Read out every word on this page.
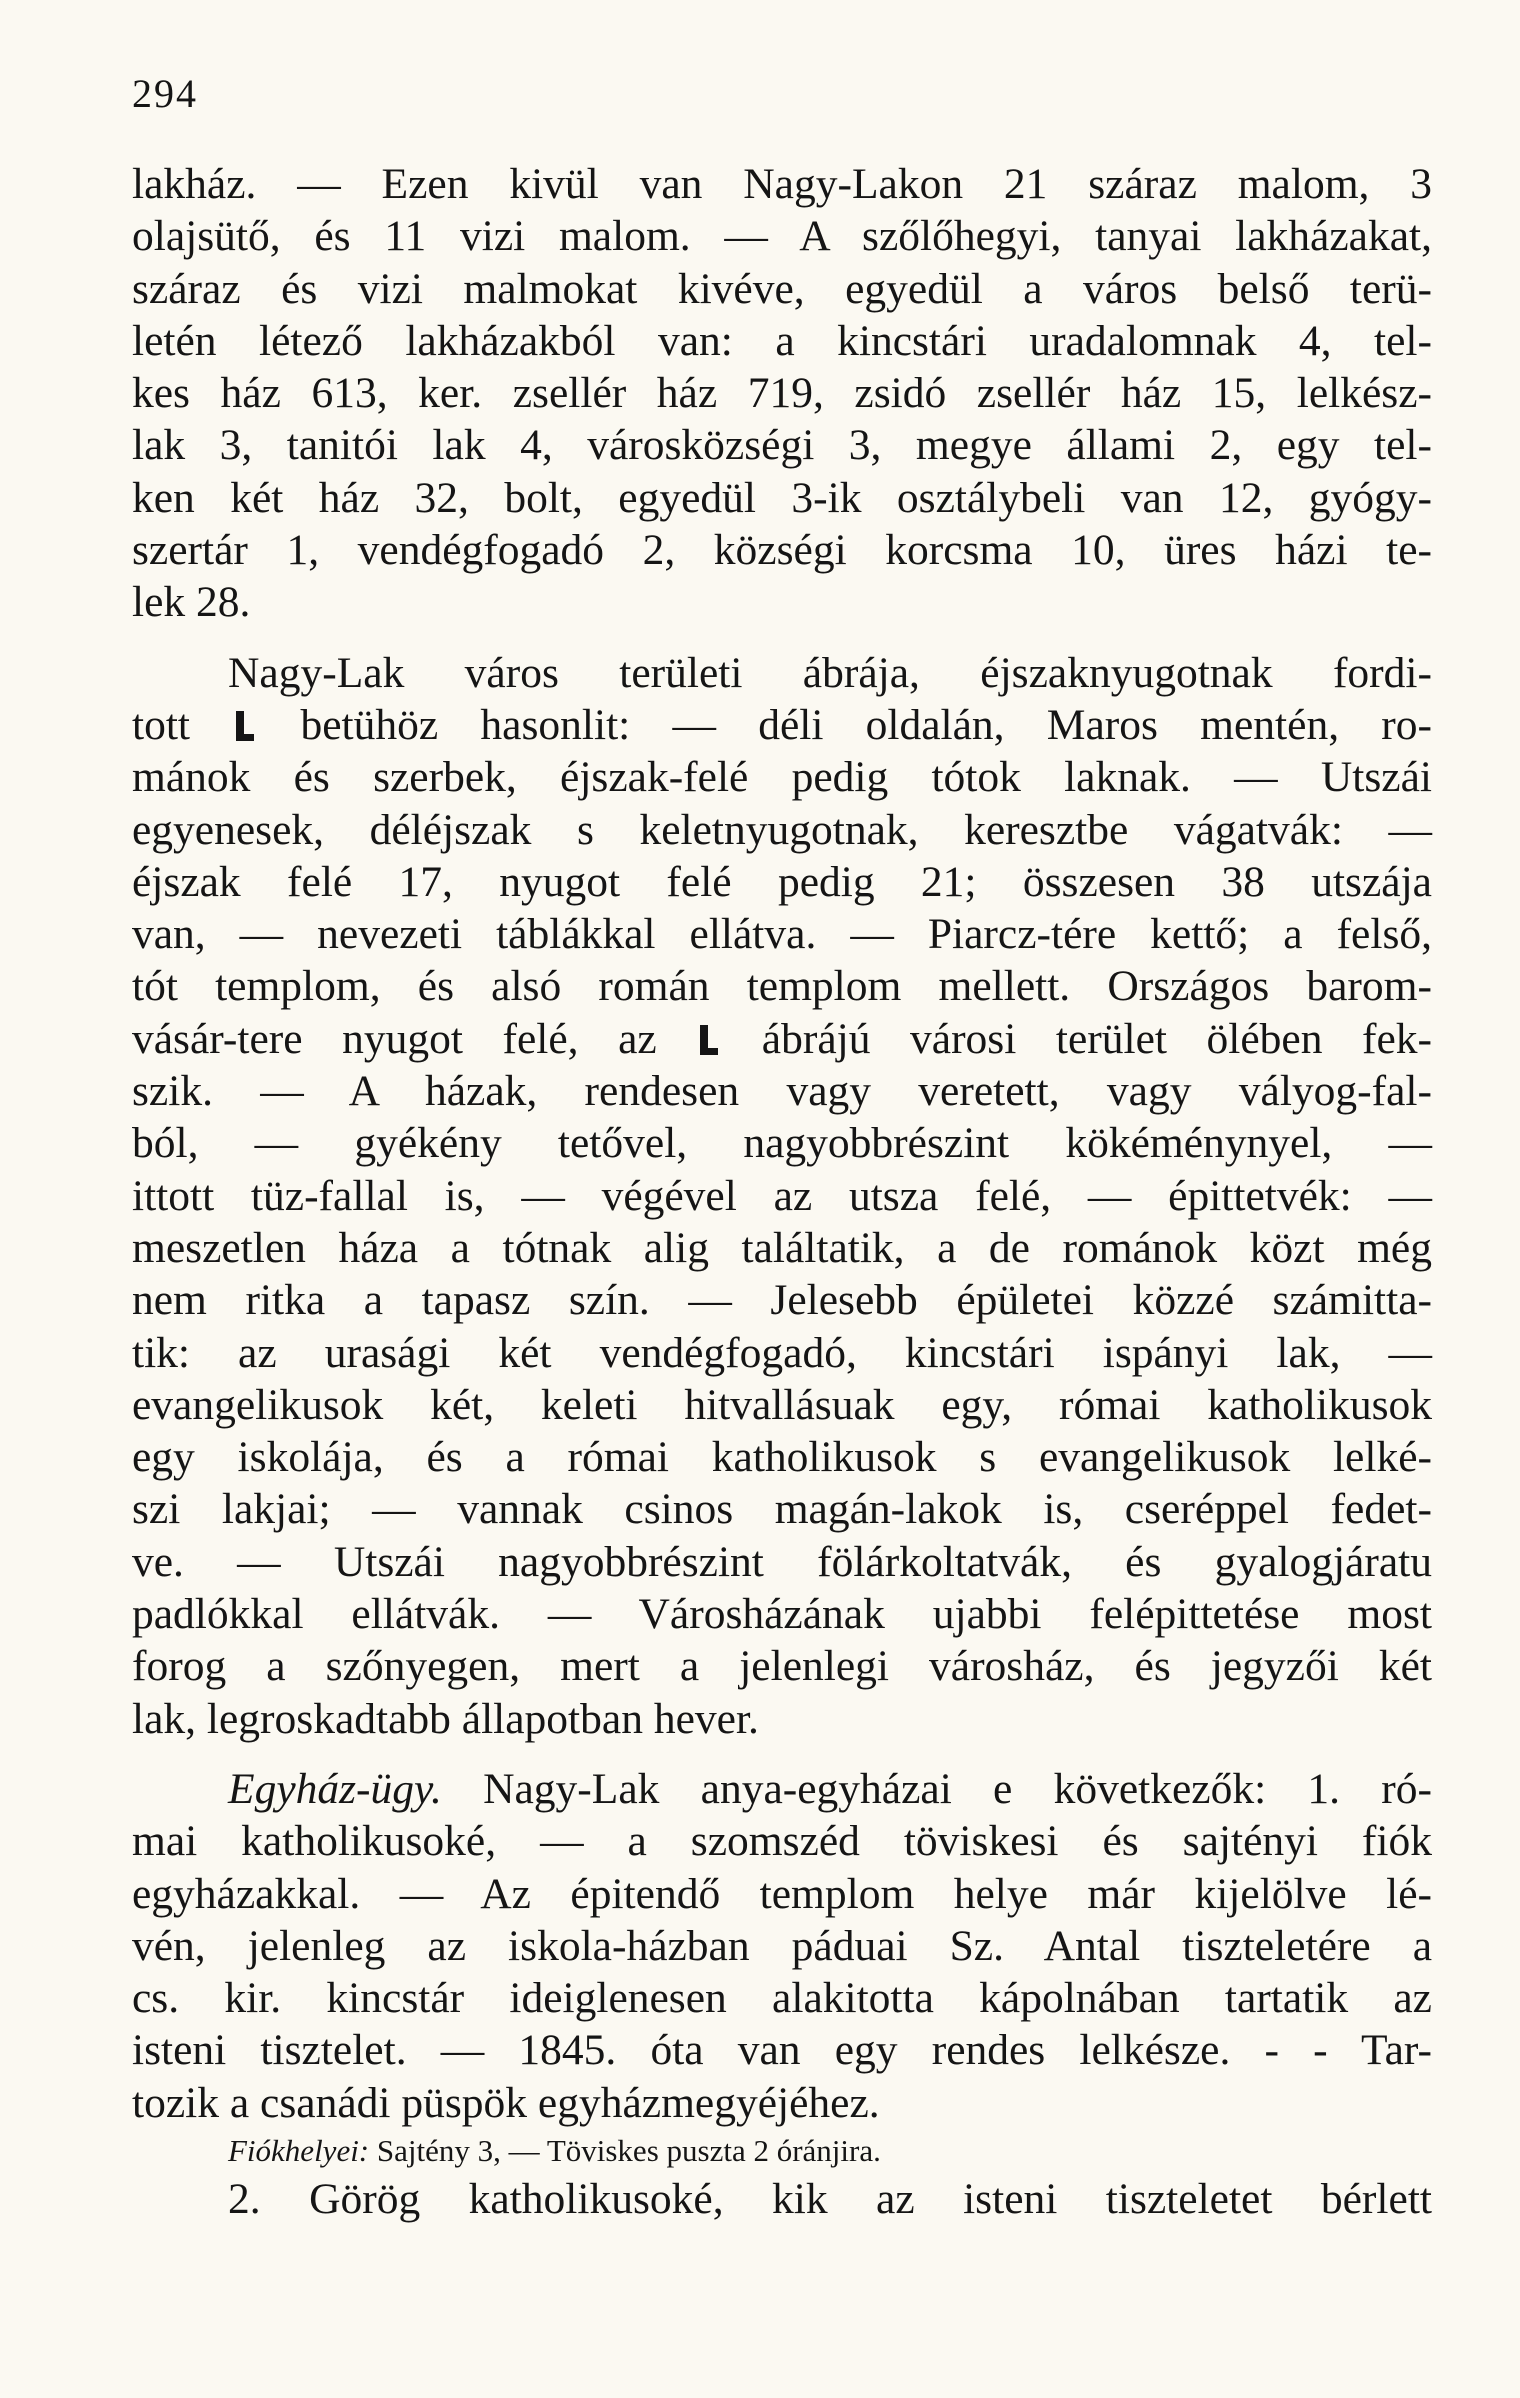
294
lakház. — Ezen kivül van Nagy-Lakon 21 száraz malom, 3
olajsütő, és 11 vizi malom. — A szőlőhegyi, tanyai lakházakat,
száraz és vizi malmokat kivéve, egyedül a város belső terü-
letén létező lakházakból van: a kincstári uradalomnak 4, tel-
kes ház 613, ker. zsellér ház 719, zsidó zsellér ház 15, lelkész-
lak 3, tanitói lak 4, városközségi 3, megye állami 2, egy tel-
ken két ház 32, bolt, egyedül 3-ik osztálybeli van 12, gyógy-
szertár 1, vendégfogadó 2, községi korcsma 10, üres házi te-
lek 28.
Nagy-Lak város területi ábrája, éjszaknyugotnak fordi-
tott	betühöz hasonlit: — déli oldalán, Maros mentén, ro-
mánok és szerbek, éjszak-felé pedig tótok laknak. — Utszái
egyenesek, déléjszak s keletnyugotnak, keresztbe vágatvák: —
éjszak felé 17, nyugot felé pedig 21; összesen 38 utszája
van, — nevezeti táblákkal ellátva. — Piarcz-tére kettő; a felső,
tót templom, és alsó román templom mellett. Országos barom-
vásár-tere nyugot felé, az ábrájú városi terület ölében fek-
szik. — A házak, rendesen vagy veretett, vagy vályog-fal-
ból, — gyékény tetővel, nagyobbrészint kökéménynyel, —
ittott tüz-fallal is, — végével az utsza felé, — épittetvék: —
meszetlen háza a tótnak alig találtatik, a de románok közt még
nem ritka a tapasz szín. — Jelesebb épületei közzé számitta-
tik: az urasági két vendégfogadó, kincstári ispányi lak, —
evangelikusok két, keleti hitvallásuak egy, római katholikusok
egy iskolája, és a római katholikusok s evangelikusok lelké-
szi lakjai; — vannak csinos magán-lakok is, cseréppel fedet-
ve. — Utszái nagyobbrészint fölárkoltatvák, és gyalogjáratu
padlókkal ellátvák. — Városházának ujabbi felépittetése most
forog a szőnyegen, mert a jelenlegi városház, és jegyzői két
lak, legroskadtabb állapotban hever.
Egyház-ügy. Nagy-Lak anya-egyházai e következők: 1. ró-
mai katholikusoké, — a szomszéd töviskesi és sajtényi fiók
egyházakkal. — Az épitendő templom helye már kijelölve lé-
vén, jelenleg az iskola-házban páduai Sz. Antal tiszteletére a
cs. kir. kincstár ideiglenesen alakitotta kápolnában tartatik az
isteni tisztelet. — 1845. óta van egy rendes lelkésze. - - Tar-
tozik a csanádi püspök egyházmegyéjéhez.
Fiókhelyei: Sajtény 3, — Töviskes puszta 2 óránjira.
2. Görög katholikusoké, kik az isteni tiszteletet bérlett
